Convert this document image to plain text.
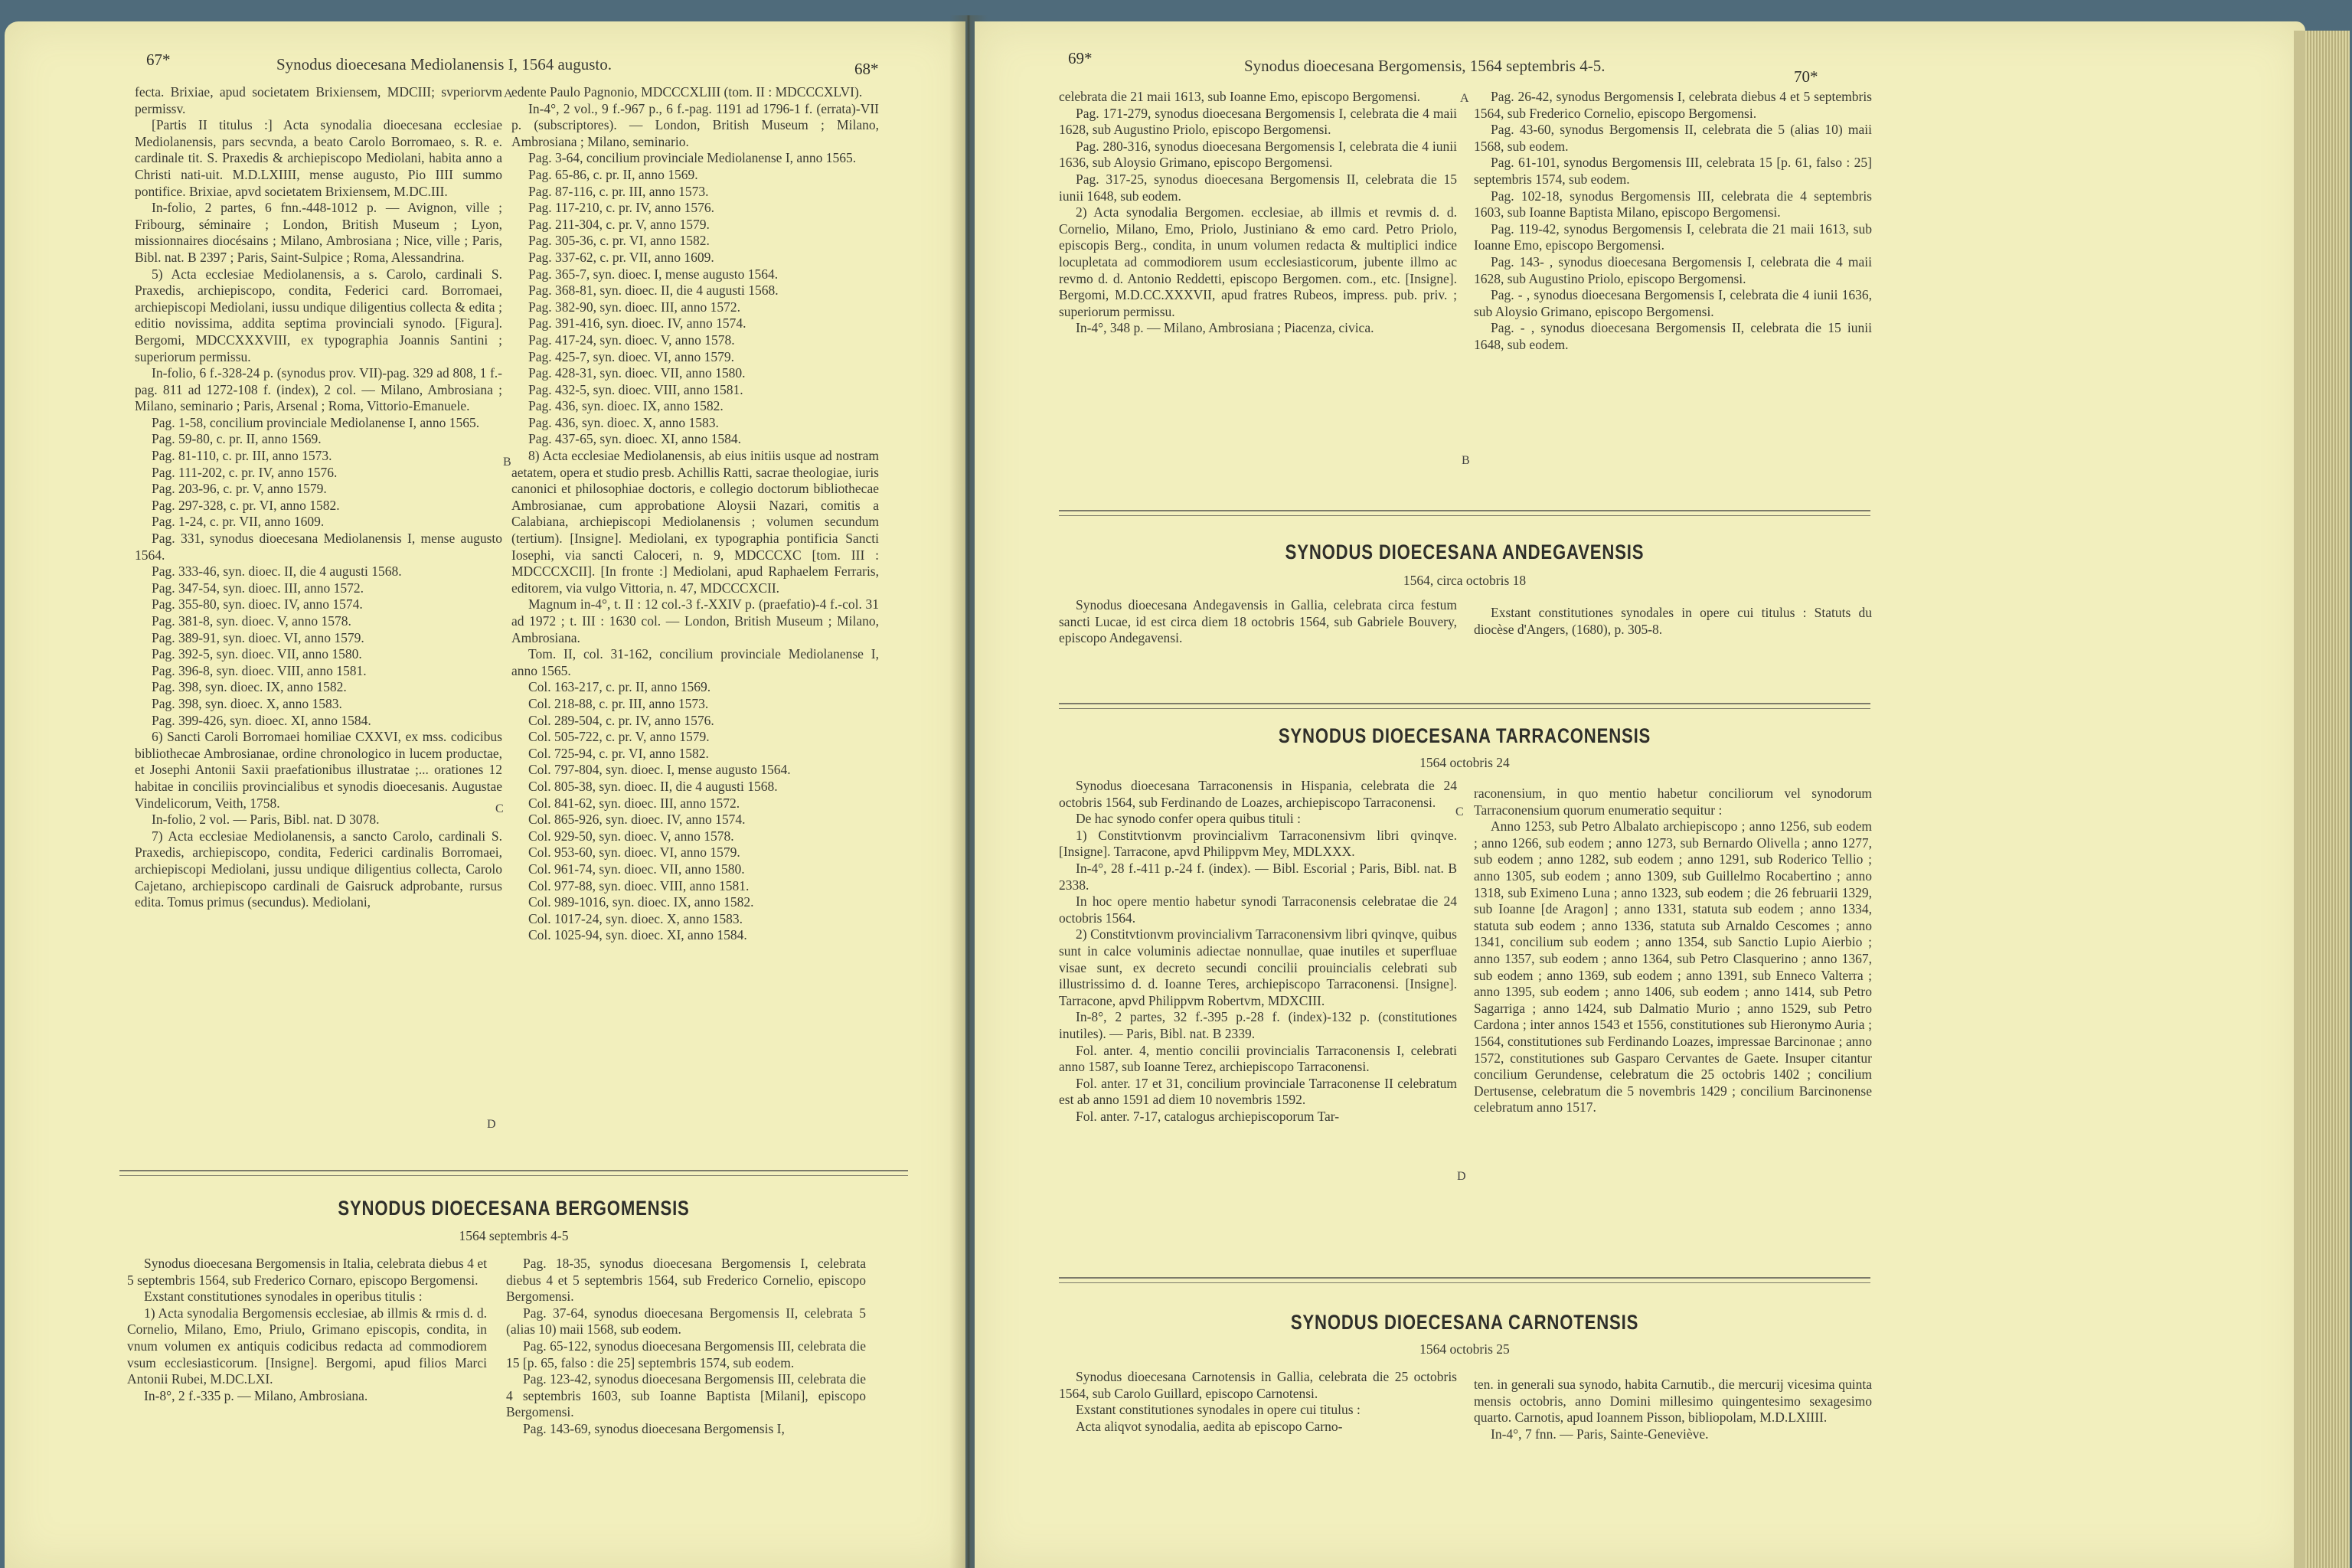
67*	Synodus dioecesana Mediolanensis I, 1564 augusto.	68*

fecta. Brixiae, apud societatem Brixiensem, MDCIII; svperiorvm permissv.

[Partis II titulus :] Acta synodalia dioecesana ecclesiae Mediolanensis, pars secvnda, a beato Carolo Borromaeo, s. R. e. cardinale tit. S. Praxedis & archiepiscopo Mediolani, habita anno a Christi nati-uit. M.D.LXIIII, mense augusto, Pio IIII summo pontifice. Brixiae, apvd societatem Brixiensem, M.DC.III.

In-folio, 2 partes, 6 fnn.-448-1012 p. — Avignon, ville ; Fribourg, séminaire ; London, British Museum ; Lyon, missionnaires diocésains ; Milano, Ambrosiana ; Nice, ville ; Paris, Bibl. nat. B 2397 ; Paris, Saint-Sulpice ; Roma, Alessandrina.

5) Acta ecclesiae Mediolanensis, a s. Carolo, cardinali S. Praxedis, archiepiscopo, condita, Federici card. Borromaei, archiepiscopi Mediolani, iussu undique diligentius collecta & edita ; editio novissima, addita septima provinciali synodo. [Figura]. Bergomi, MDCCXXXVIII, ex typographia Joannis Santini ; superiorum permissu.

In-folio, 6 f.-328-24 p. (synodus prov. VII)-pag. 329 ad 808, 1 f.-pag. 811 ad 1272-108 f. (index), 2 col. — Milano, Ambrosiana ; Milano, seminario ; Paris, Arsenal ; Roma, Vittorio-Emanuele.

Pag. 1-58, concilium provinciale Mediolanense I, anno 1565.

Pag. 59-80, c. pr. II, anno 1569.

Pag. 81-110, c. pr. III, anno 1573.

Pag. 111-202, c. pr. IV, anno 1576.

Pag. 203-96, c. pr. V, anno 1579.

Pag. 297-328, c. pr. VI, anno 1582.

Pag. 1-24, c. pr. VII, anno 1609.

Pag. 331, synodus dioecesana Mediolanensis I, mense augusto 1564.

Pag. 333-46, syn. dioec. II, die 4 augusti 1568.

Pag. 347-54, syn. dioec. III, anno 1572.

Pag. 355-80, syn. dioec. IV, anno 1574.

Pag. 381-8, syn. dioec. V, anno 1578.

Pag. 389-91, syn. dioec. VI, anno 1579.

Pag. 392-5, syn. dioec. VII, anno 1580.

Pag. 396-8, syn. dioec. VIII, anno 1581.

Pag. 398, syn. dioec. IX, anno 1582.

Pag. 398, syn. dioec. X, anno 1583.

Pag. 399-426, syn. dioec. XI, anno 1584.

6) Sancti Caroli Borromaei homiliae CXXVI, ex mss. codicibus bibliothecae Ambrosianae, ordine chronologico in lucem productae, et Josephi Antonii Saxii praefationibus illustratae ;... orationes 12 habitae in conciliis provincialibus et synodis dioecesanis. Augustae Vindelicorum, Veith, 1758.

In-folio, 2 vol. — Paris, Bibl. nat. D 3078.

7) Acta ecclesiae Mediolanensis, a sancto Carolo, cardinali S. Praxedis, archiepiscopo, condita, Federici cardinalis Borromaei, archiepiscopi Mediolani, jussu undique diligentius collecta, Carolo Cajetano, archiepiscopo cardinali de Gaisruck adprobante, rursus edita. Tomus primus (secundus). Mediolani,

edente Paulo Pagnonio, MDCCCXLIII (tom. II : MDCCCXLVI).

In-4°, 2 vol., 9 f.-967 p., 6 f.-pag. 1191 ad 1796-1 f. (errata)-VII p. (subscriptores). — London, British Museum ; Milano, Ambrosiana ; Milano, seminario.

Pag. 3-64, concilium provinciale Mediolanense I, anno 1565.

Pag. 65-86, c. pr. II, anno 1569.

Pag. 87-116, c. pr. III, anno 1573.

Pag. 117-210, c. pr. IV, anno 1576.

Pag. 211-304, c. pr. V, anno 1579.

Pag. 305-36, c. pr. VI, anno 1582.

Pag. 337-62, c. pr. VII, anno 1609.

Pag. 365-7, syn. dioec. I, mense augusto 1564.

Pag. 368-81, syn. dioec. II, die 4 augusti 1568.

Pag. 382-90, syn. dioec. III, anno 1572.

Pag. 391-416, syn. dioec. IV, anno 1574.

Pag. 417-24, syn. dioec. V, anno 1578.

Pag. 425-7, syn. dioec. VI, anno 1579.

Pag. 428-31, syn. dioec. VII, anno 1580.

Pag. 432-5, syn. dioec. VIII, anno 1581.

Pag. 436, syn. dioec. IX, anno 1582.

Pag. 436, syn. dioec. X, anno 1583.

Pag. 437-65, syn. dioec. XI, anno 1584.

8) Acta ecclesiae Mediolanensis, ab eius initiis usque ad nostram aetatem, opera et studio presb. Achillis Ratti, sacrae theologiae, iuris canonici et philosophiae doctoris, e collegio doctorum bibliothecae Ambrosianae, cum approbatione Aloysii Nazari, comitis a Calabiana, archiepiscopi Mediolanensis ; volumen secundum (tertium). [Insigne]. Mediolani, ex typographia pontificia Sancti Iosephi, via sancti Caloceri, n. 9, MDCCCXC [tom. III : MDCCCXCII]. [In fronte :] Mediolani, apud Raphaelem Ferraris, editorem, via vulgo Vittoria, n. 47, MDCCCXCII.

Magnum in-4°, t. II : 12 col.-3 f.-XXIV p. (praefatio)-4 f.-col. 31 ad 1972 ; t. III : 1630 col. — London, British Museum ; Milano, Ambrosiana.

Tom. II, col. 31-162, concilium provinciale Mediolanense I, anno 1565.

Col. 163-217, c. pr. II, anno 1569.

Col. 218-88, c. pr. III, anno 1573.

Col. 289-504, c. pr. IV, anno 1576.

Col. 505-722, c. pr. V, anno 1579.

Col. 725-94, c. pr. VI, anno 1582.

Col. 797-804, syn. dioec. I, mense augusto 1564.

Col. 805-38, syn. dioec. II, die 4 augusti 1568.

Col. 841-62, syn. dioec. III, anno 1572.

Col. 865-926, syn. dioec. IV, anno 1574.

Col. 929-50, syn. dioec. V, anno 1578.

Col. 953-60, syn. dioec. VI, anno 1579.

Col. 961-74, syn. dioec. VII, anno 1580.

Col. 977-88, syn. dioec. VIII, anno 1581.

Col. 989-1016, syn. dioec. IX, anno 1582.

Col. 1017-24, syn. dioec. X, anno 1583.

Col. 1025-94, syn. dioec. XI, anno 1584.

A
B
C
D
SYNODUS DIOECESANA BERGOMENSIS
1564 septembris 4-5

Synodus dioecesana Bergomensis in Italia, celebrata diebus 4 et 5 septembris 1564, sub Frederico Cornaro, episcopo Bergomensi.

Exstant constitutiones synodales in operibus titulis :

1) Acta synodalia Bergomensis ecclesiae, ab illmis & rmis d. d. Cornelio, Milano, Emo, Priulo, Grimano episcopis, condita, in vnum volumen ex antiquis codicibus redacta ad commodiorem vsum ecclesiasticorum. [Insigne]. Bergomi, apud filios Marci Antonii Rubei, M.DC.LXI.

In-8°, 2 f.-335 p. — Milano, Ambrosiana.

Pag. 18-35, synodus dioecesana Bergomensis I, celebrata diebus 4 et 5 septembris 1564, sub Frederico Cornelio, episcopo Bergomensi.

Pag. 37-64, synodus dioecesana Bergomensis II, celebrata 5 (alias 10) maii 1568, sub eodem.

Pag. 65-122, synodus dioecesana Bergomensis III, celebrata die 15 [p. 65, falso : die 25] septembris 1574, sub eodem.

Pag. 123-42, synodus dioecesana Bergomensis III, celebrata die 4 septembris 1603, sub Ioanne Baptista [Milani], episcopo Bergomensi.

Pag. 143-69, synodus dioecesana Bergomensis I,

69*	Synodus dioecesana Bergomensis, 1564 septembris 4-5.
70*

celebrata die 21 maii 1613, sub Ioanne Emo, episcopo Bergomensi.

Pag. 171-279, synodus dioecesana Bergomensis I, celebrata die 4 maii 1628, sub Augustino Priolo, episcopo Bergomensi.

Pag. 280-316, synodus dioecesana Bergomensis I, celebrata die 4 iunii 1636, sub Aloysio Grimano, episcopo Bergomensi.

Pag. 317-25, synodus dioecesana Bergomensis II, celebrata die 15 iunii 1648, sub eodem.

2) Acta synodalia Bergomen. ecclesiae, ab illmis et revmis d. d. Cornelio, Milano, Emo, Priolo, Justiniano & emo card. Petro Priolo, episcopis Berg., condita, in unum volumen redacta & multiplici indice locupletata ad commodiorem usum ecclesiasticorum, jubente illmo ac revmo d. d. Antonio Reddetti, episcopo Bergomen. com., etc. [Insigne]. Bergomi, M.D.CC.XXXVII, apud fratres Rubeos, impress. pub. priv. ; superiorum permissu.

In-4°, 348 p. — Milano, Ambrosiana ; Piacenza, civica.

Pag. 26-42, synodus Bergomensis I, celebrata diebus 4 et 5 septembris 1564, sub Frederico Cornelio, episcopo Bergomensi.

Pag. 43-60, synodus Bergomensis II, celebrata die 5 (alias 10) maii 1568, sub eodem.

Pag. 61-101, synodus Bergomensis III, celebrata 15 [p. 61, falso : 25] septembris 1574, sub eodem.

Pag. 102-18, synodus Bergomensis III, celebrata die 4 septembris 1603, sub Ioanne Baptista Milano, episcopo Bergomensi.

Pag. 119-42, synodus Bergomensis I, celebrata die 21 maii 1613, sub Ioanne Emo, episcopo Bergomensi.

Pag. 143- , synodus dioecesana Bergomensis I, celebrata die 4 maii 1628, sub Augustino Priolo, episcopo Bergomensi.

Pag. - , synodus dioecesana Bergomensis I, celebrata die 4 iunii 1636, sub Aloysio Grimano, episcopo Bergomensi.

Pag. - , synodus dioecesana Bergomensis II, celebrata die 15 iunii 1648, sub eodem.

A
B
C
D
SYNODUS DIOECESANA ANDEGAVENSIS
1564, circa octobris 18

Synodus dioecesana Andegavensis in Gallia, celebrata circa festum sancti Lucae, id est circa diem 18 octobris 1564, sub Gabriele Bouvery, episcopo Andegavensi.

Exstant constitutiones synodales in opere cui titulus : Statuts du diocèse d'Angers, (1680), p. 305-8.

SYNODUS DIOECESANA TARRACONENSIS
1564 octobris 24

Synodus dioecesana Tarraconensis in Hispania, celebrata die 24 octobris 1564, sub Ferdinando de Loazes, archiepiscopo Tarraconensi.

De hac synodo confer opera quibus tituli :

1) Constitvtionvm provincialivm Tarraconensivm libri qvinqve. [Insigne]. Tarracone, apvd Philippvm Mey, MDLXXX.

In-4°, 28 f.-411 p.-24 f. (index). — Bibl. Escorial ; Paris, Bibl. nat. B 2338.

In hoc opere mentio habetur synodi Tarraconensis celebratae die 24 octobris 1564.

2) Constitvtionvm provincialivm Tarraconensivm libri qvinqve, quibus sunt in calce voluminis adiectae nonnullae, quae inutiles et superfluae visae sunt, ex decreto secundi concilii prouincialis celebrati sub illustrissimo d. d. Ioanne Teres, archiepiscopo Tarraconensi. [Insigne]. Tarracone, apvd Philippvm Robertvm, MDXCIII.

In-8°, 2 partes, 32 f.-395 p.-28 f. (index)-132 p. (constitutiones inutiles). — Paris, Bibl. nat. B 2339.

Fol. anter. 4, mentio concilii provincialis Tarraconensis I, celebrati anno 1587, sub Ioanne Terez, archiepiscopo Tarraconensi.

Fol. anter. 17 et 31, concilium provinciale Tarraconense II celebratum est ab anno 1591 ad diem 10 novembris 1592.

Fol. anter. 7-17, catalogus archiepiscoporum Tar-

raconensium, in quo mentio habetur conciliorum vel synodorum Tarraconensium quorum enumeratio sequitur :

Anno 1253, sub Petro Albalato archiepiscopo ; anno 1256, sub eodem ; anno 1266, sub eodem ; anno 1273, sub Bernardo Olivella ; anno 1277, sub eodem ; anno 1282, sub eodem ; anno 1291, sub Roderico Tellio ; anno 1305, sub eodem ; anno 1309, sub Guillelmo Rocabertino ; anno 1318, sub Eximeno Luna ; anno 1323, sub eodem ; die 26 februarii 1329, sub Ioanne [de Aragon] ; anno 1331, statuta sub eodem ; anno 1334, statuta sub eodem ; anno 1336, statuta sub Arnaldo Cescomes ; anno 1341, concilium sub eodem ; anno 1354, sub Sanctio Lupio Aierbio ; anno 1357, sub eodem ; anno 1364, sub Petro Clasquerino ; anno 1367, sub eodem ; anno 1369, sub eodem ; anno 1391, sub Enneco Valterra ; anno 1395, sub eodem ; anno 1406, sub eodem ; anno 1414, sub Petro Sagarriga ; anno 1424, sub Dalmatio Murio ; anno 1529, sub Petro Cardona ; inter annos 1543 et 1556, constitutiones sub Hieronymo Auria ; 1564, constitutiones sub Ferdinando Loazes, impressae Barcinonae ; anno 1572, constitutiones sub Gasparo Cervantes de Gaete. Insuper citantur concilium Gerundense, celebratum die 25 octobris 1402 ; concilium Dertusense, celebratum die 5 novembris 1429 ; concilium Barcinonense celebratum anno 1517.

SYNODUS DIOECESANA CARNOTENSIS
1564 octobris 25

Synodus dioecesana Carnotensis in Gallia, celebrata die 25 octobris 1564, sub Carolo Guillard, episcopo Carnotensi.

Exstant constitutiones synodales in opere cui titulus :

Acta aliqvot synodalia, aedita ab episcopo Carno-

ten. in generali sua synodo, habita Carnutib., die mercurij vicesima quinta mensis octobris, anno Domini millesimo quingentesimo sexagesimo quarto. Carnotis, apud Ioannem Pisson, bibliopolam, M.D.LXIIII.

In-4°, 7 fnn. — Paris, Sainte-Geneviève.
